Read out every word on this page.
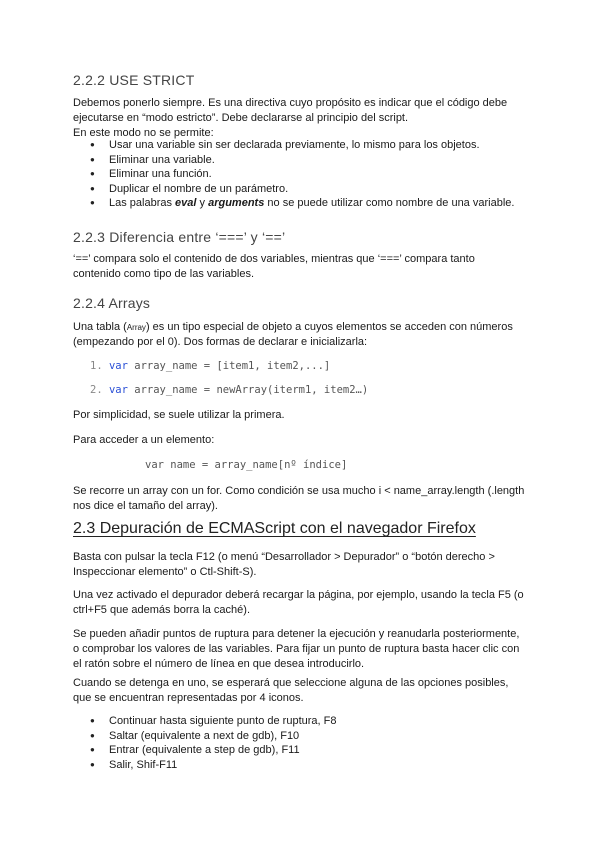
2.2.2 USE STRICT

Debemos ponerlo siempre. Es una directiva cuyo propósito es indicar que el código debe
ejecutarse en “modo estricto”. Debe declararse al principio del script.
En este modo no se permite:

● Usar una variable sin ser declarada previamente, lo mismo para los objetos.
● Eliminar una variable.
● Eliminar una función.
● Duplicar el nombre de un parámetro.
● Las palabras eval y arguments no se puede utilizar como nombre de una variable.
2.2.3 Diferencia entre ‘===’ y ‘==’

‘==’ compara solo el contenido de dos variables, mientras que ‘===’ compara tanto
contenido como tipo de las variables.

2.2.4 Arrays

Una tabla (Array) es un tipo especial de objeto a cuyos elementos se acceden con números
(empezando por el 0). Dos formas de declarar e inicializarla:

1. var array_name = [item1, item2,...]
2. var array_name = newArray(iterm1, item2…)

Por simplicidad, se suele utilizar la primera.

Para acceder a un elemento:

var name = array_name[nº índice]

Se recorre un array con un for. Como condición se usa mucho i < name_array.length (.length
nos dice el tamaño del array).

2.3 Depuración de ECMAScript con el navegador Firefox

Basta con pulsar la tecla F12 (o menú “Desarrollador > Depurador” o “botón derecho >
Inspeccionar elemento” o Ctl-Shift-S).

Una vez activado el depurador deberá recargar la página, por ejemplo, usando la tecla F5 (o
ctrl+F5 que además borra la caché).

Se pueden añadir puntos de ruptura para detener la ejecución y reanudarla posteriormente,
o comprobar los valores de las variables. Para fijar un punto de ruptura basta hacer clic con
el ratón sobre el número de línea en que desea introducirlo.

Cuando se detenga en uno, se esperará que seleccione alguna de las opciones posibles,
que se encuentran representadas por 4 iconos.

● Continuar hasta siguiente punto de ruptura, F8
● Saltar (equivalente a next de gdb), F10
● Entrar (equivalente a step de gdb), F11
● Salir, Shif-F11
